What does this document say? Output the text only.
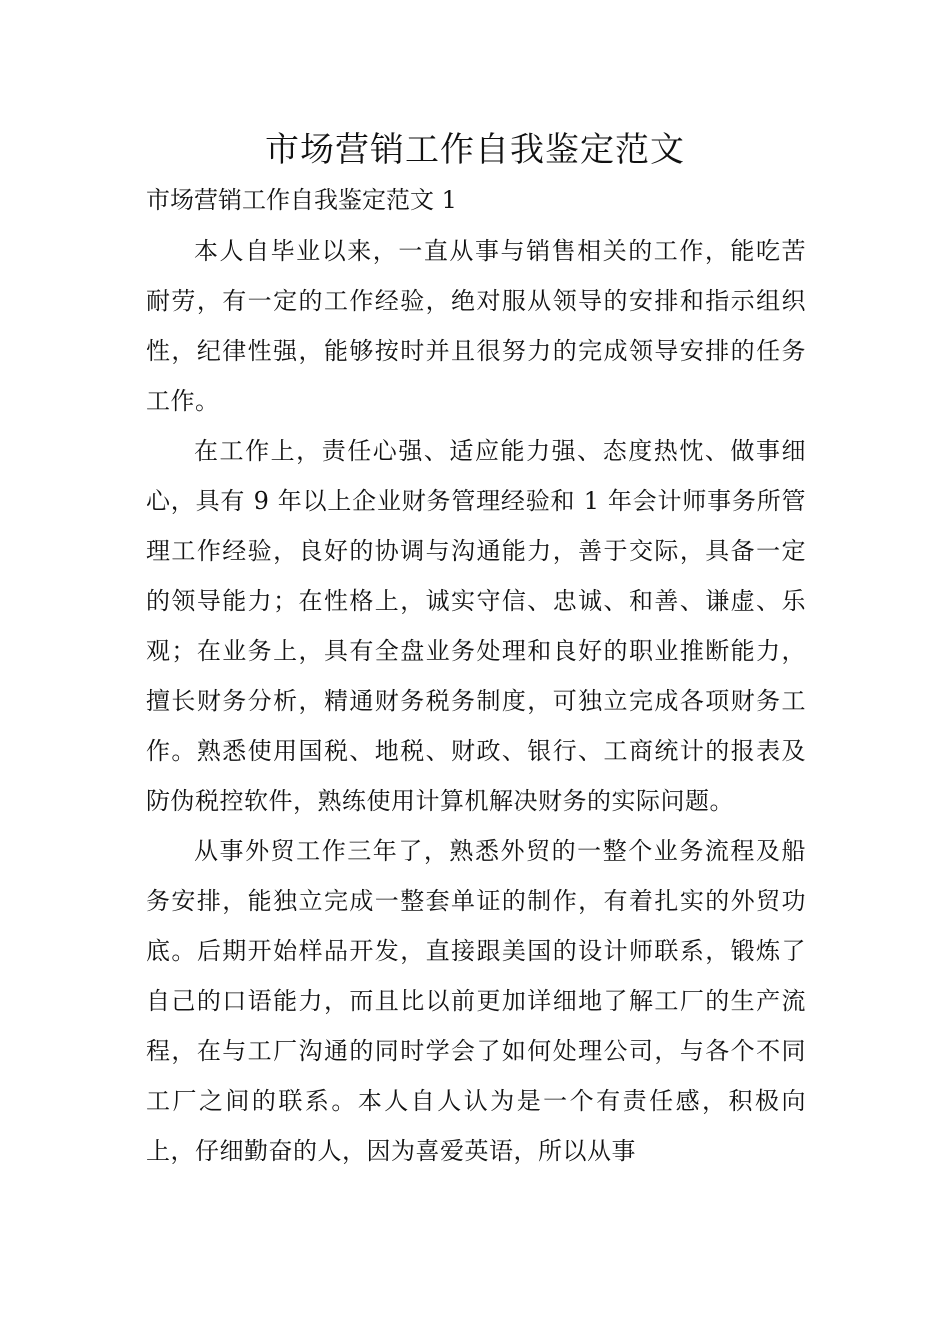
市场营销工作自我鉴定范文

市场营销工作自我鉴定范文 1

本人自毕业以来，一直从事与销售相关的工作，能吃苦耐劳，有一定的工作经验，绝对服从领导的安排和指示组织性，纪律性强，能够按时并且很努力的完成领导安排的任务工作。

在工作上，责任心强、适应能力强、态度热忱、做事细心，具有 9 年以上企业财务管理经验和 1 年会计师事务所管理工作经验，良好的协调与沟通能力，善于交际，具备一定的领导能力；在性格上，诚实守信、忠诚、和善、谦虚、乐观；在业务上，具有全盘业务处理和良好的职业推断能力，擅长财务分析，精通财务税务制度，可独立完成各项财务工作。熟悉使用国税、地税、财政、银行、工商统计的报表及防伪税控软件，熟练使用计算机解决财务的实际问题。

从事外贸工作三年了，熟悉外贸的一整个业务流程及船务安排，能独立完成一整套单证的制作，有着扎实的外贸功底。后期开始样品开发，直接跟美国的设计师联系，锻炼了自己的口语能力，而且比以前更加详细地了解工厂的生产流程，在与工厂沟通的同时学会了如何处理公司，与各个不同工厂之间的联系。本人自人认为是一个有责任感，积极向上，仔细勤奋的人，因为喜爱英语，所以从事
